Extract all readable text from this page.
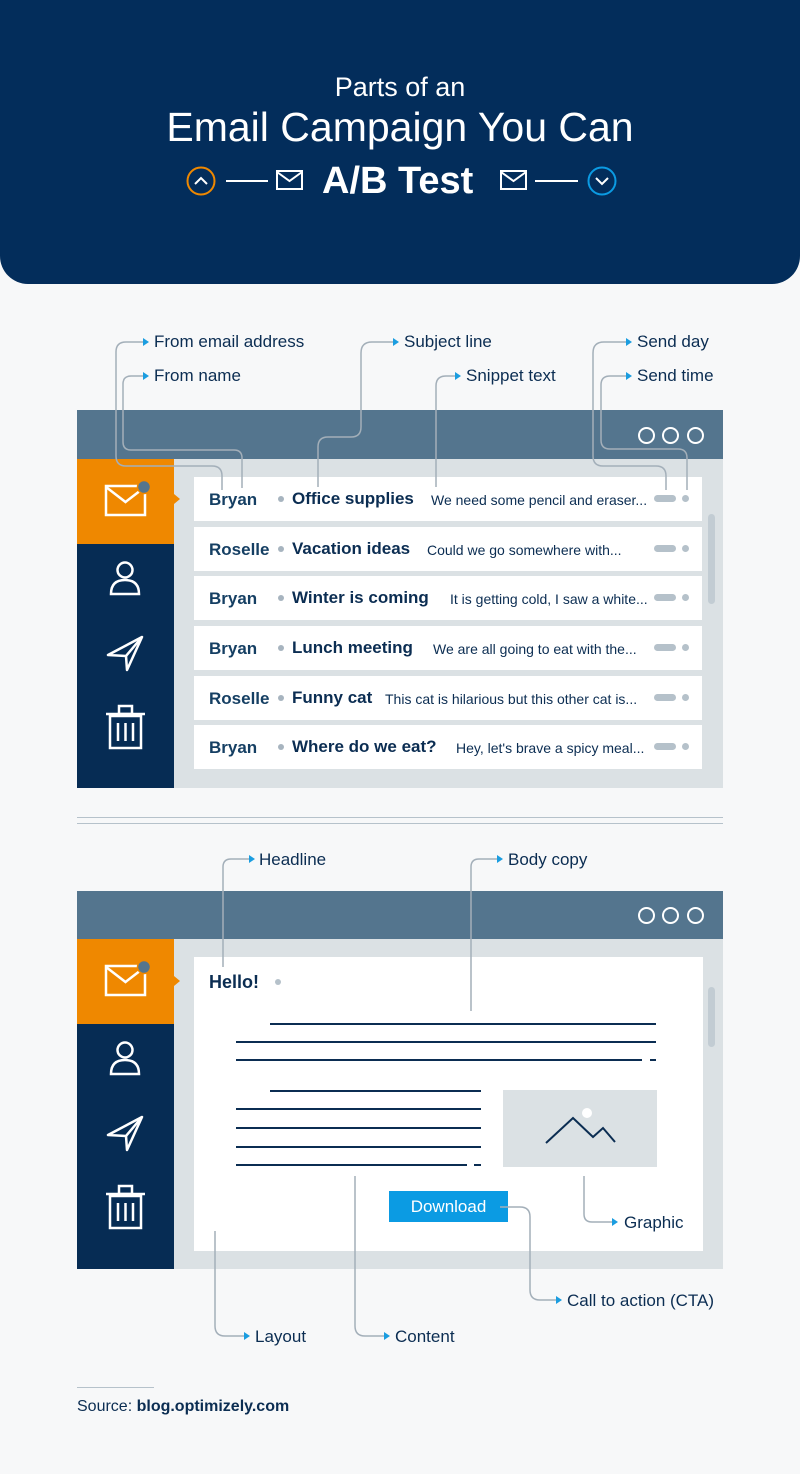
Parts of an
Email Campaign You Can
A/B Test
Bryan Office supplies We need some pencil and eraser...
Roselle Vacation ideas Could we go somewhere with...
Bryan Winter is coming It is getting cold, I saw a white...
Bryan Lunch meeting We are all going to eat with the...
Roselle Funny cat This cat is hilarious but this other cat is...
Bryan Where do we eat? Hey, let's brave a spicy meal...
From email address
From name
Subject line
Snippet text
Send day
Send time
Hello!
Download
Headline	Body copy
Graphic
Call to action (CTA)
Layout	Content
Source: blog.optimizely.com
